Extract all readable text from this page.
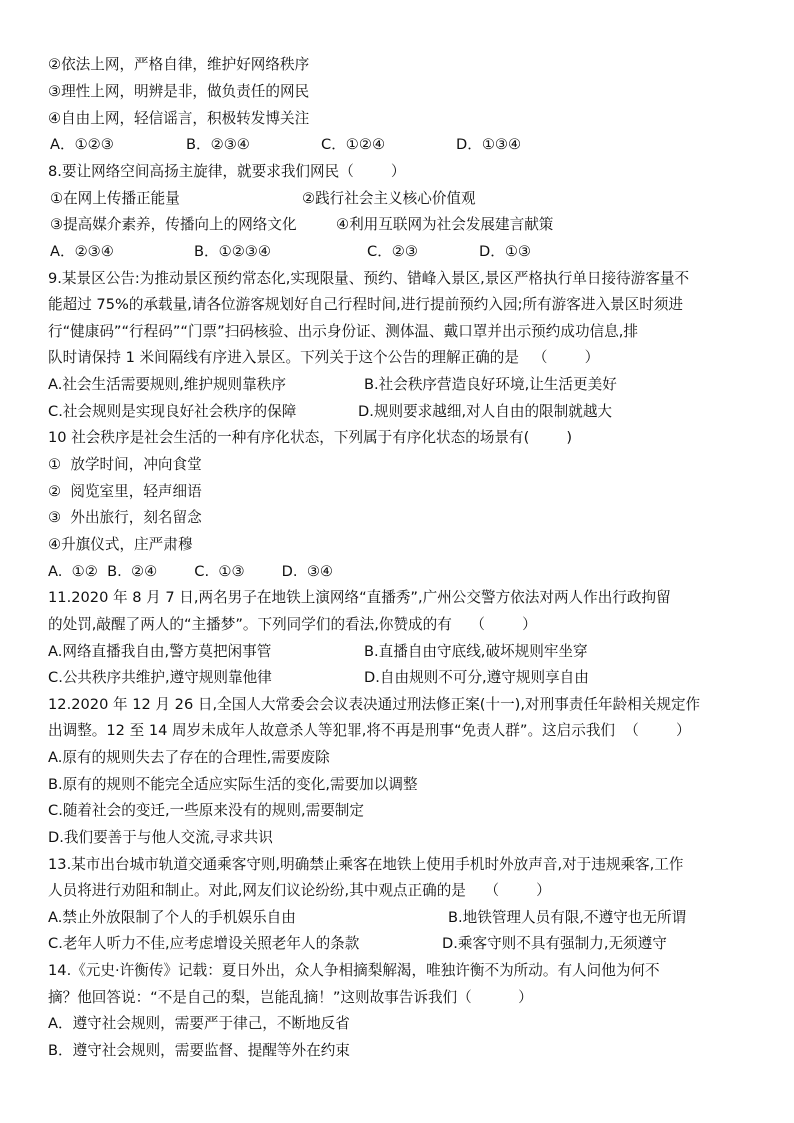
②依法上网，严格自律，维护好网络秩序
③理性上网，明辨是非，做负责任的网民
④自由上网，轻信谣言，积极转发博关注
A．①②③	B．②③④	C．①②④	D．①③④
8.要让网络空间高扬主旋律，就要求我们网民（        ）
①在网上传播正能量	②践行社会主义核心价值观
③提高媒介素养，传播向上的网络文化	④利用互联网为社会发展建言献策
A．②③④	B．①②③④	C．②③	D．①③
9.某景区公告:为推动景区预约常态化,实现限量、预约、错峰入景区,景区严格执行单日接待游客量不
能超过 75%的承载量,请各位游客规划好自己行程时间,进行提前预约入园;所有游客进入景区时须进
行“健康码”“行程码”“门票”扫码核验、出示身份证、测体温、戴口罩并出示预约成功信息,排
队时请保持 1 米间隔线有序进入景区。下列关于这个公告的理解正确的是   （        ）
A.社会生活需要规则,维护规则靠秩序	B.社会秩序营造良好环境,让生活更美好
C.社会规则是实现良好社会秩序的保障	D.规则要求越细,对人自由的限制就越大
10 社会秩序是社会生活的一种有序化状态，下列属于有序化状态的场景有(        )
①  放学时间，冲向食堂
②  阅览室里，轻声细语
③  外出旅行，刻名留念
④升旗仪式，庄严肃穆
A.  ①②  B.  ②④        C.  ①③        D.  ③④
11.2020 年 8 月 7 日,两名男子在地铁上演网络“直播秀”,广州公交警方依法对两人作出行政拘留
的处罚,敲醒了两人的“主播梦”。下列同学们的看法,你赞成的有    （        ）
A.网络直播我自由,警方莫把闲事管	B.直播自由守底线,破坏规则牢坐穿
C.公共秩序共维护,遵守规则靠他律	D.自由规则不可分,遵守规则享自由
12.2020 年 12 月 26 日,全国人大常委会会议表决通过刑法修正案(十一),对刑事责任年龄相关规定作
出调整。12 至 14 周岁未成年人故意杀人等犯罪,将不再是刑事“免责人群”。这启示我们  （        ）
A.原有的规则失去了存在的合理性,需要废除
B.原有的规则不能完全适应实际生活的变化,需要加以调整
C.随着社会的变迁,一些原来没有的规则,需要制定
D.我们要善于与他人交流,寻求共识
13.某市出台城市轨道交通乘客守则,明确禁止乘客在地铁上使用手机时外放声音,对于违规乘客,工作
人员将进行劝阻和制止。对此,网友们议论纷纷,其中观点正确的是    （        ）
A.禁止外放限制了个人的手机娱乐自由	B.地铁管理人员有限,不遵守也无所谓
C.老年人听力不佳,应考虑增设关照老年人的条款	D.乘客守则不具有强制力,无须遵守
14.《元史·许衡传》记载：夏日外出，众人争相摘梨解渴，唯独许衡不为所动。有人问他为何不
摘？他回答说：“不是自己的梨，岂能乱摘！”这则故事告诉我们（          ）
A．遵守社会规则，需要严于律己，不断地反省
B．遵守社会规则，需要监督、提醒等外在约束
